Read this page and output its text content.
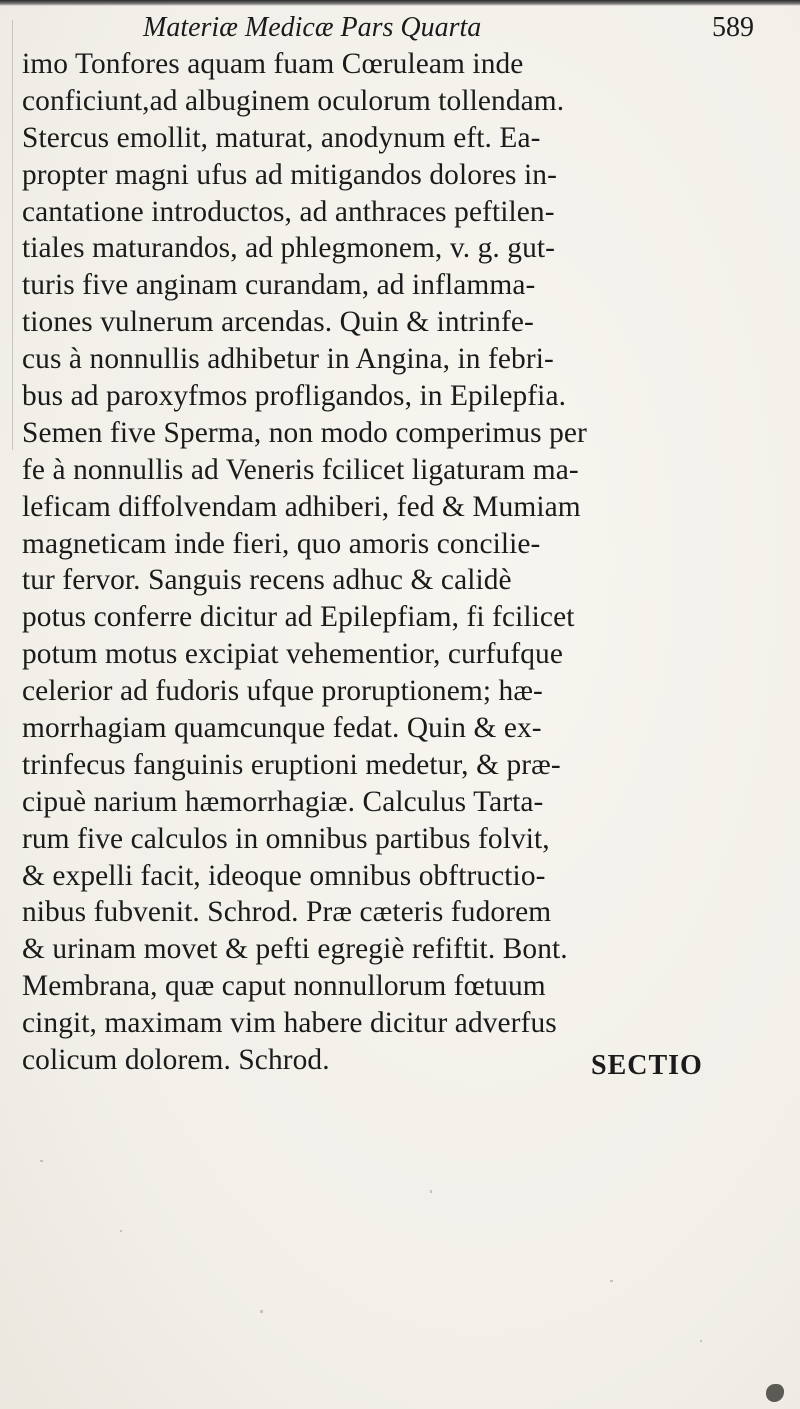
Materiæ Medicæ Pars Quarta	589
imo Tonfores aquam fuam Cœruleam inde
conficiunt,ad albuginem oculorum tollendam.
Stercus emollit, maturat, anodynum eft. Ea-
propter magni ufus ad mitigandos dolores in-
cantatione introductos, ad anthraces peftilen-
tiales maturandos, ad phlegmonem, v. g. gut-
turis five anginam curandam, ad inflamma-
tiones vulnerum arcendas. Quin & intrinfe-
cus à nonnullis adhibetur in Angina, in febri-
bus ad paroxyfmos profligandos, in Epilepfia.
Semen five Sperma, non modo comperimus per
fe à nonnullis ad Veneris fcilicet ligaturam ma-
leficam diffolvendam adhiberi, fed & Mumiam
magneticam inde fieri, quo amoris concilie-
tur fervor. Sanguis recens adhuc & calidè
potus conferre dicitur ad Epilepfiam, fi fcilicet
potum motus excipiat vehementior, curfufque
celerior ad fudoris ufque proruptionem; hæ-
morrhagiam quamcunque fedat. Quin & ex-
trinfecus fanguinis eruptioni medetur, & præ-
cipuè narium hæmorrhagiæ. Calculus Tarta-
rum five calculos in omnibus partibus folvit,
& expelli facit, ideoque omnibus obftructio-
nibus fubvenit. Schrod. Præ cæteris fudorem
& urinam movet & pefti egregiè refiftit. Bont.
Membrana, quæ caput nonnullorum fœtuum
cingit, maximam vim habere dicitur adverfus
colicum dolorem. Schrod.	SECTIO
